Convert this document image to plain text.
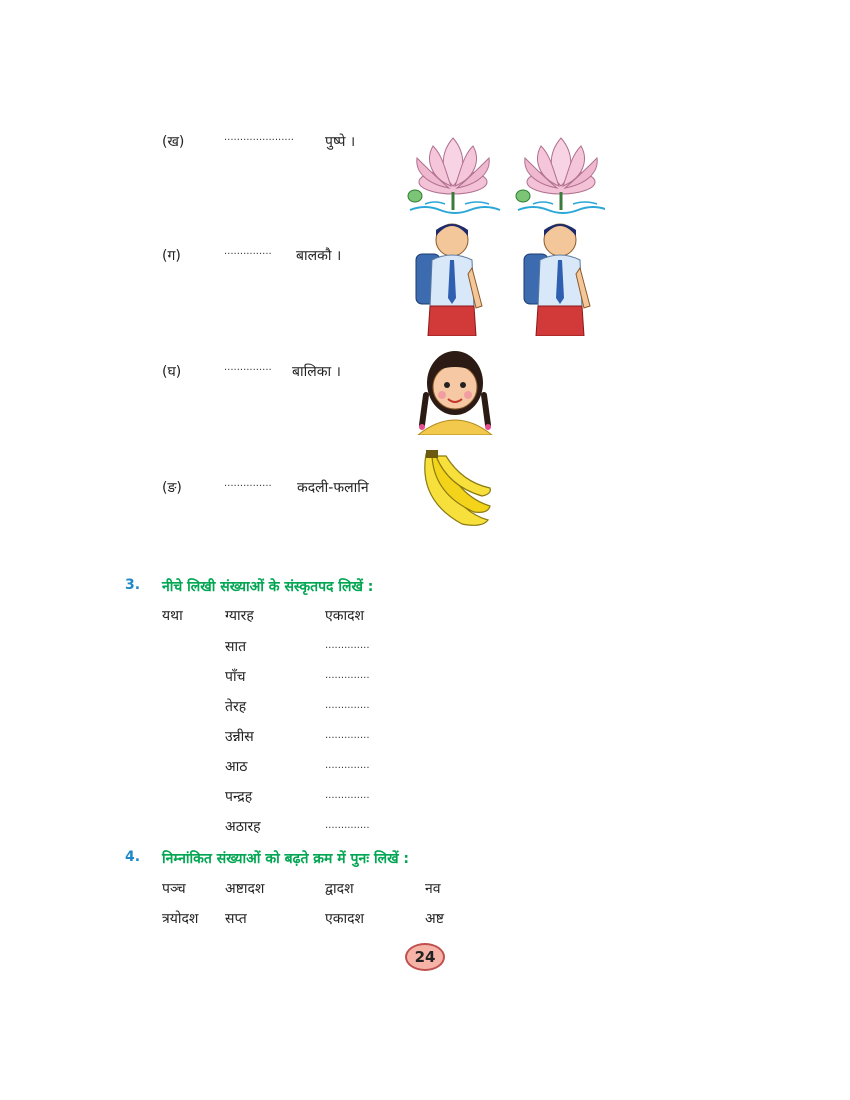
(ख)	...................... पुष्पे ।
(ग)	............... बालकौ ।
(घ)	............... बालिका ।
(ङ)	............... कदली-फलानि
3. नीचे लिखी संख्याओं के संस्कृतपद लिखें :
यथा	ग्यारह	एकादश
सात	..............
पाँच	..............
तेरह	..............
उन्नीस	..............
आठ	..............
पन्द्रह	..............
अठारह	..............
4. निम्नांकित संख्याओं को बढ़ते क्रम में पुनः लिखें :
पञ्च	अष्टादश	द्वादश	नव
त्रयोदश सप्त	एकादश	अष्ट
24
